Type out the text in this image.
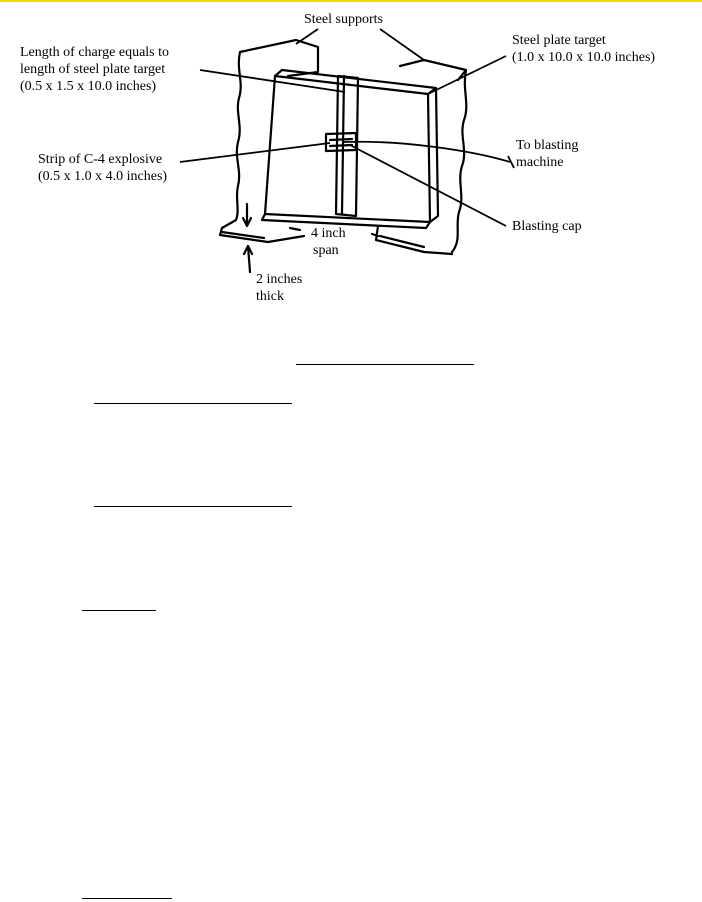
Steel supports
Steel plate target
(1.0 x 10.0 x 10.0 inches)
Length of charge equals to
length of steel plate target
(0.5 x 1.5 x 10.0 inches)
Strip of C-4 explosive
(0.5 x 1.0 x 4.0 inches)
To blasting
machine
Blasting cap
4 inch
span
2 inches
thick
